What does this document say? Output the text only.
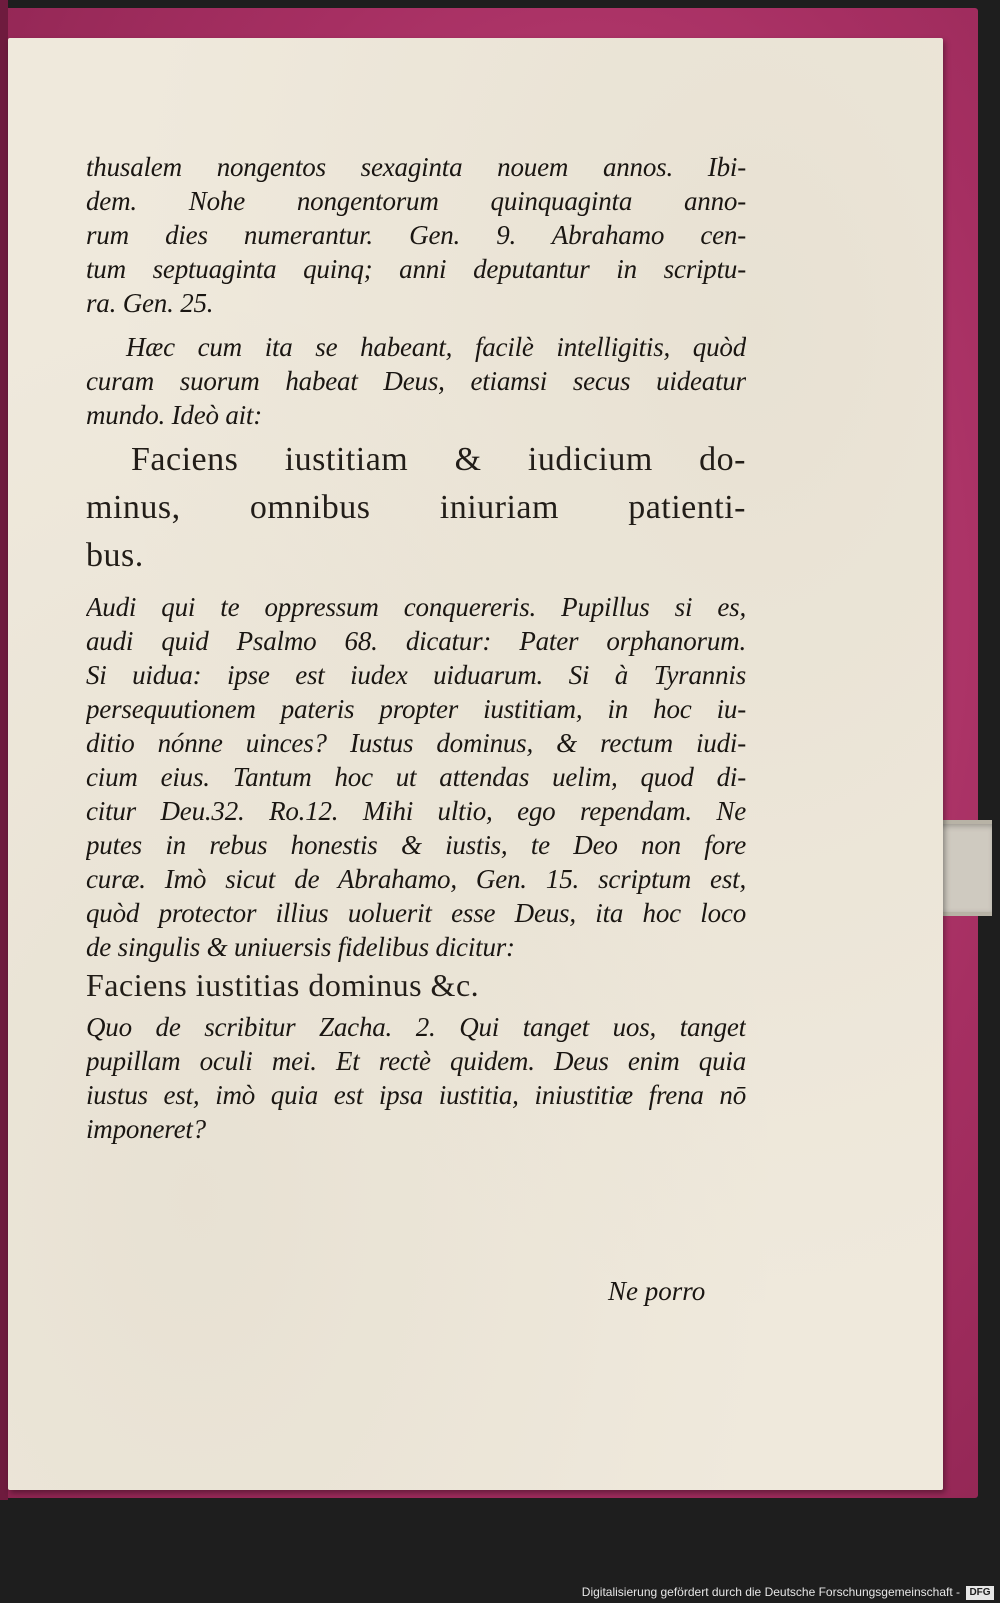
thusalem nongentos sexaginta nouem annos. Ibi-
dem. Nohe nongentorum quinquaginta anno-
rum dies numerantur. Gen. 9. Abrahamo cen-
tum septuaginta quinq; anni deputantur in scriptu-
ra. Gen. 25.
Hæc cum ita se habeant, facilè intelligitis, quòd
curam suorum habeat Deus, etiamsi secus uideatur
mundo. Ideò ait:
Faciens iustitiam & iudicium do-
minus, omnibus iniuriam patienti-
bus.
Audi qui te oppressum conquereris. Pupillus si es,
audi quid Psalmo 68. dicatur: Pater orphanorum.
Si uidua: ipse est iudex uiduarum. Si à Tyrannis
persequutionem pateris propter iustitiam, in hoc iu-
ditio nónne uinces? Iustus dominus, & rectum iudi-
cium eius. Tantum hoc ut attendas uelim, quod di-
citur Deu.32. Ro.12. Mihi ultio, ego rependam. Ne
putes in rebus honestis & iustis, te Deo non fore
curæ. Imò sicut de Abrahamo, Gen. 15. scriptum est,
quòd protector illius uoluerit esse Deus, ita hoc loco
de singulis & uniuersis fidelibus dicitur:
Faciens iustitias dominus &c.
Quo de scribitur Zacha. 2. Qui tanget uos, tanget
pupillam oculi mei. Et rectè quidem. Deus enim quia
iustus est, imò quia est ipsa iustitia, iniustitiæ frena nō
imponeret?
Ne porro
Digitalisierung gefördert durch die Deutsche Forschungsgemeinschaft - DFG
